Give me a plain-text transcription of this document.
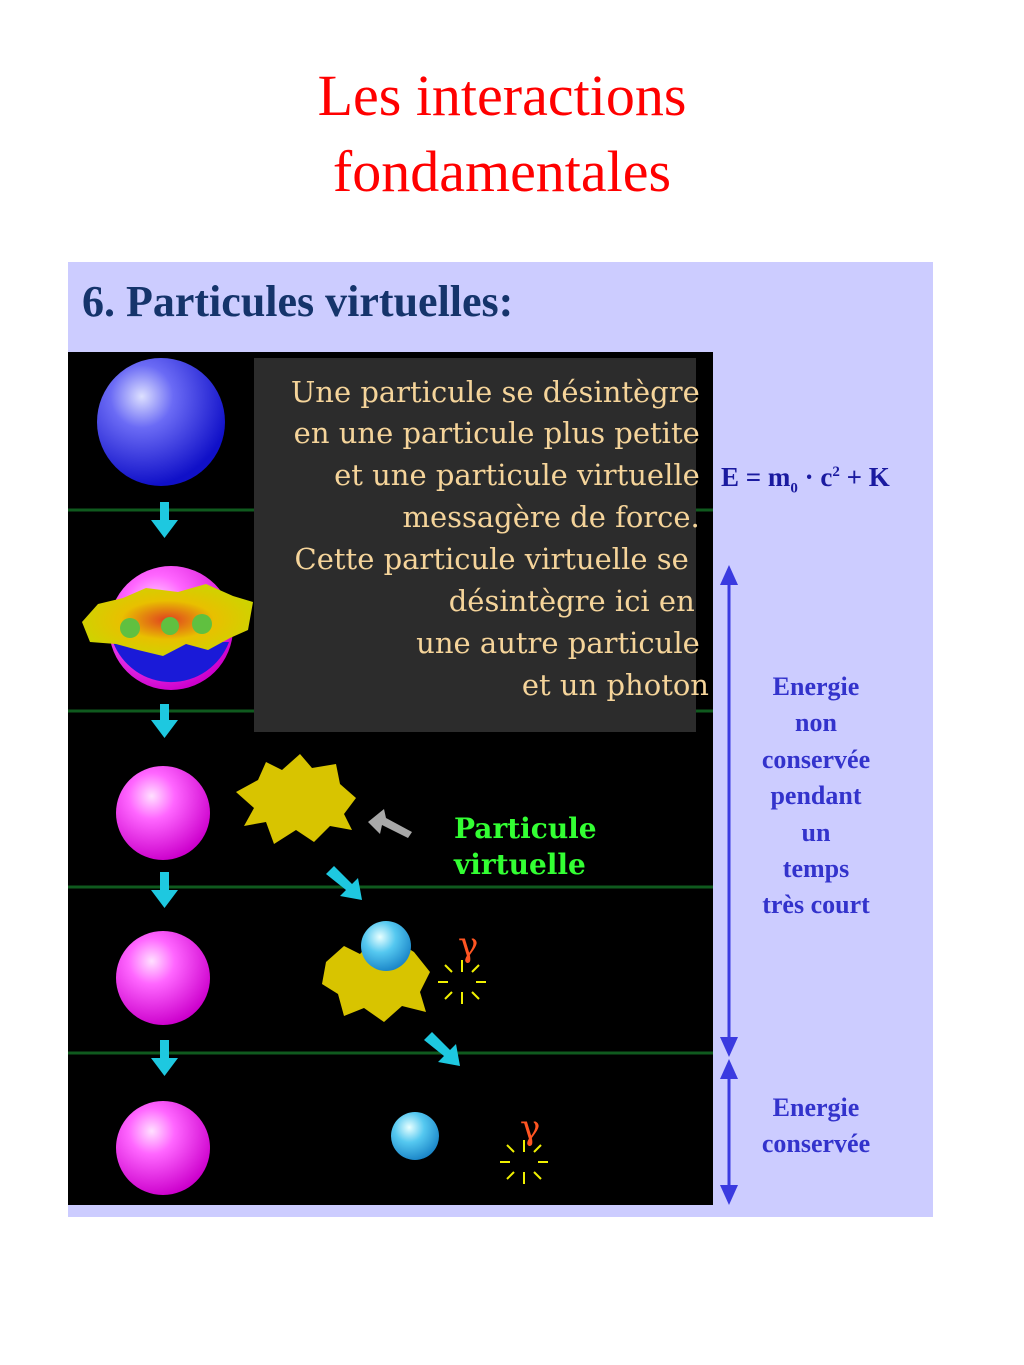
Les interactions
fondamentales
6. Particules virtuelles:
γ
γ
Particule virtuelle
Une particule se désintègre en une particule plus petite et une particule virtuelle messagère de force. Cette particule virtuelle se désintègre ici en une autre particule et un photon
$E = m_0 \cdot c^2 + K$
Energie
non
conservée
pendant
un
temps
très court
Energie
conservée
